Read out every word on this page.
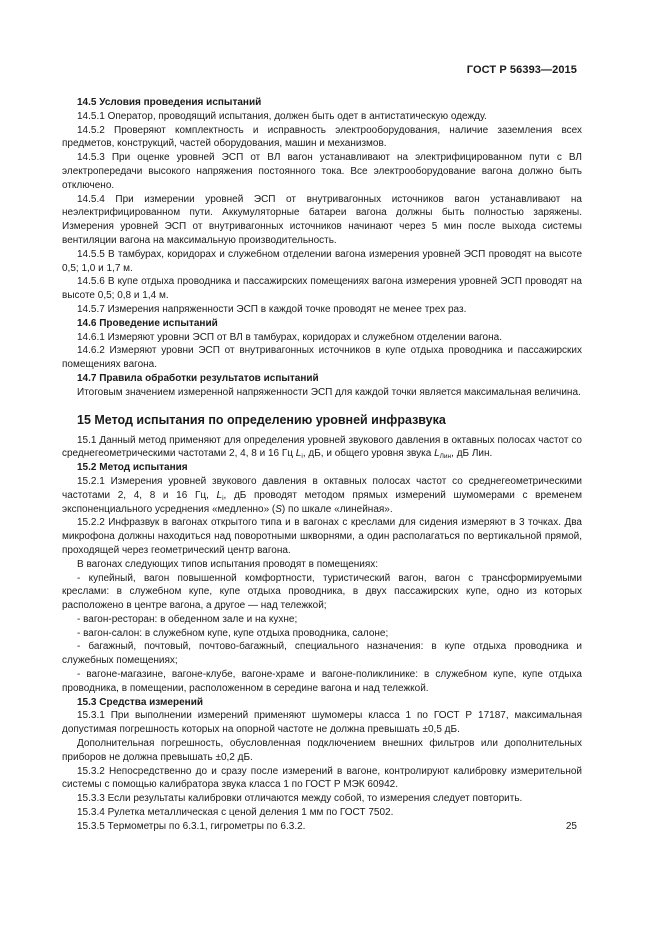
ГОСТ Р 56393—2015

14.5 Условия проведения испытаний

14.5.1 Оператор, проводящий испытания, должен быть одет в антистатическую одежду.

14.5.2 Проверяют комплектность и исправность электрооборудования, наличие заземления всех предметов, конструкций, частей оборудования, машин и механизмов.

14.5.3 При оценке уровней ЭСП от ВЛ вагон устанавливают на электрифицированном пути с ВЛ электропередачи высокого напряжения постоянного тока. Все электрооборудование вагона должно быть отключено.

14.5.4 При измерении уровней ЭСП от внутривагонных источников вагон устанавливают на неэлектрифицированном пути. Аккумуляторные батареи вагона должны быть полностью заряжены. Измерения уровней ЭСП от внутривагонных источников начинают через 5 мин после выхода системы вентиляции вагона на максимальную производительность.

14.5.5 В тамбурах, коридорах и служебном отделении вагона измерения уровней ЭСП проводят на высоте 0,5; 1,0 и 1,7 м.

14.5.6 В купе отдыха проводника и пассажирских помещениях вагона измерения уровней ЭСП проводят на высоте 0,5; 0,8 и 1,4 м.

14.5.7 Измерения напряженности ЭСП в каждой точке проводят не менее трех раз.

14.6 Проведение испытаний

14.6.1 Измеряют уровни ЭСП от ВЛ в тамбурах, коридорах и служебном отделении вагона.

14.6.2 Измеряют уровни ЭСП от внутривагонных источников в купе отдыха проводника и пассажирских помещениях вагона.

14.7 Правила обработки результатов испытаний

Итоговым значением измеренной напряженности ЭСП для каждой точки является максимальная величина.

15 Метод испытания по определению уровней инфразвука

15.1 Данный метод применяют для определения уровней звукового давления в октавных полосах частот со среднегеометрическими частотами 2, 4, 8 и 16 Гц $L_i$, дБ, и общего уровня звука $L_{Лин}$, дБ Лин.

15.2 Метод испытания

15.2.1 Измерения уровней звукового давления в октавных полосах частот со среднегеометрическими частотами 2, 4, 8 и 16 Гц, $L_i$, дБ проводят методом прямых измерений шумомерами с временем экспоненциального усреднения «медленно» (S) по шкале «линейная».

15.2.2 Инфразвук в вагонах открытого типа и в вагонах с креслами для сидения измеряют в 3 точках. Два микрофона должны находиться над поворотными шкворнями, а один располагаться по вертикальной прямой, проходящей через геометрический центр вагона.

В вагонах следующих типов испытания проводят в помещениях:

- купейный, вагон повышенной комфортности, туристический вагон, вагон с трансформируемыми креслами: в служебном купе, купе отдыха проводника, в двух пассажирских купе, одно из которых расположено в центре вагона, а другое — над тележкой;

- вагон-ресторан: в обеденном зале и на кухне;

- вагон-салон: в служебном купе, купе отдыха проводника, салоне;

- багажный, почтовый, почтово-багажный, специального назначения: в купе отдыха проводника и служебных помещениях;

- вагоне-магазине, вагоне-клубе, вагоне-храме и вагоне-поликлинике: в служебном купе, купе отдыха проводника, в помещении, расположенном в середине вагона и над тележкой.

15.3 Средства измерений

15.3.1 При выполнении измерений применяют шумомеры класса 1 по ГОСТ Р 17187, максимальная допустимая погрешность которых на опорной частоте не должна превышать ±0,5 дБ.

Дополнительная погрешность, обусловленная подключением внешних фильтров или дополнительных приборов не должна превышать ±0,2 дБ.

15.3.2 Непосредственно до и сразу после измерений в вагоне, контролируют калибровку измерительной системы с помощью калибратора звука класса 1 по ГОСТ Р МЭК 60942.

15.3.3 Если результаты калибровки отличаются между собой, то измерения следует повторить.

15.3.4 Рулетка металлическая с ценой деления 1 мм по ГОСТ 7502.

15.3.5 Термометры по 6.3.1, гигрометры по 6.3.2.	25
